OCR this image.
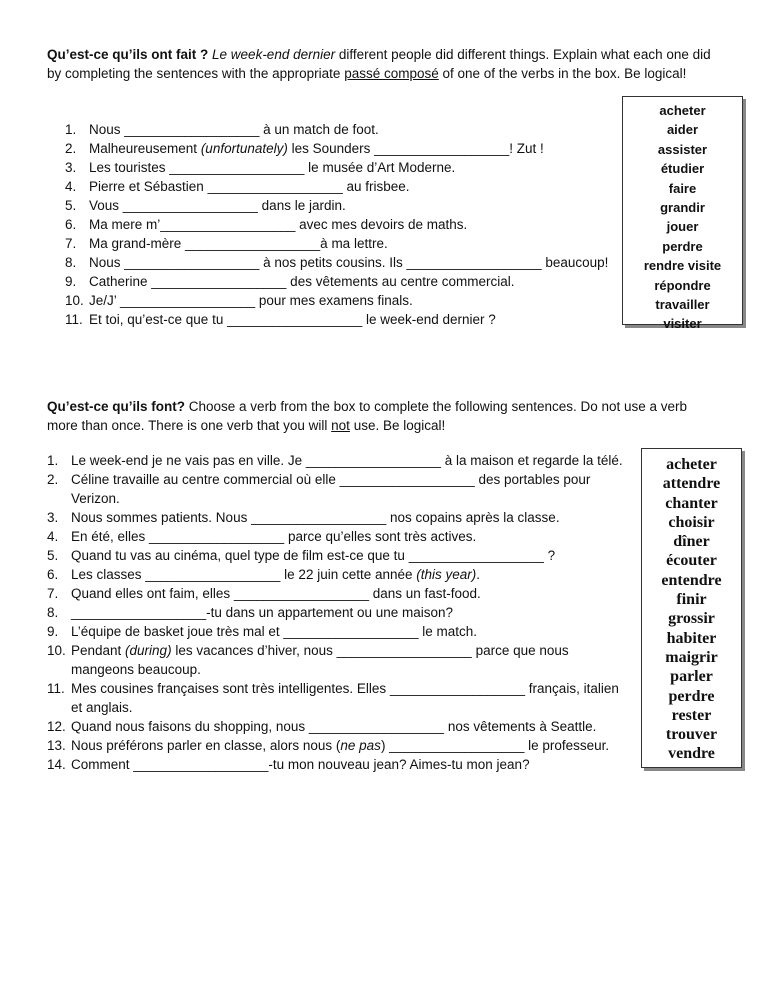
Qu’est-ce qu’ils ont fait ? Le week-end dernier different people did different things. Explain what each one did by completing the sentences with the appropriate passé composé of one of the verbs in the box. Be logical!
1. Nous __________________ à un match de foot.
2. Malheureusement (unfortunately) les Sounders __________________! Zut !
3. Les touristes __________________ le musée d’Art Moderne.
4. Pierre et Sébastien __________________ au frisbee.
5. Vous __________________ dans le jardin.
6. Ma mere m’__________________ avec mes devoirs de maths.
7. Ma grand-mère __________________à ma lettre.
8. Nous __________________ à nos petits cousins. Ils __________________ beaucoup!
9. Catherine __________________ des vêtements au centre commercial.
10. Je/J’ __________________ pour mes examens finals.
11. Et toi, qu’est-ce que tu __________________ le week-end dernier ?
acheter
aider
assister
étudier
faire
grandir
jouer
perdre
rendre visite
répondre
travailler
visiter
Qu’est-ce qu’ils font? Choose a verb from the box to complete the following sentences. Do not use a verb more than once. There is one verb that you will not use. Be logical!
1. Le week-end je ne vais pas en ville. Je __________________ à la maison et regarde la télé.
2. Céline travaille au centre commercial où elle __________________ des portables pour Verizon.
3. Nous sommes patients. Nous __________________ nos copains après la classe.
4. En été, elles __________________ parce qu’elles sont très actives.
5. Quand tu vas au cinéma, quel type de film est-ce que tu __________________ ?
6. Les classes __________________ le 22 juin cette année (this year).
7. Quand elles ont faim, elles __________________ dans un fast-food.
8. __________________-tu dans un appartement ou une maison?
9. L’équipe de basket joue très mal et __________________ le match.
10. Pendant (during) les vacances d’hiver, nous __________________ parce que nous mangeons beaucoup.
11. Mes cousines françaises sont très intelligentes. Elles __________________ français, italien et anglais.
12. Quand nous faisons du shopping, nous __________________ nos vêtements à Seattle.
13. Nous préférons parler en classe, alors nous (ne pas) __________________ le professeur.
14. Comment __________________-tu mon nouveau jean? Aimes-tu mon jean?
acheter
attendre
chanter
choisir
dîner
écouter
entendre
finir
grossir
habiter
maigrir
parler
perdre
rester
trouver
vendre
